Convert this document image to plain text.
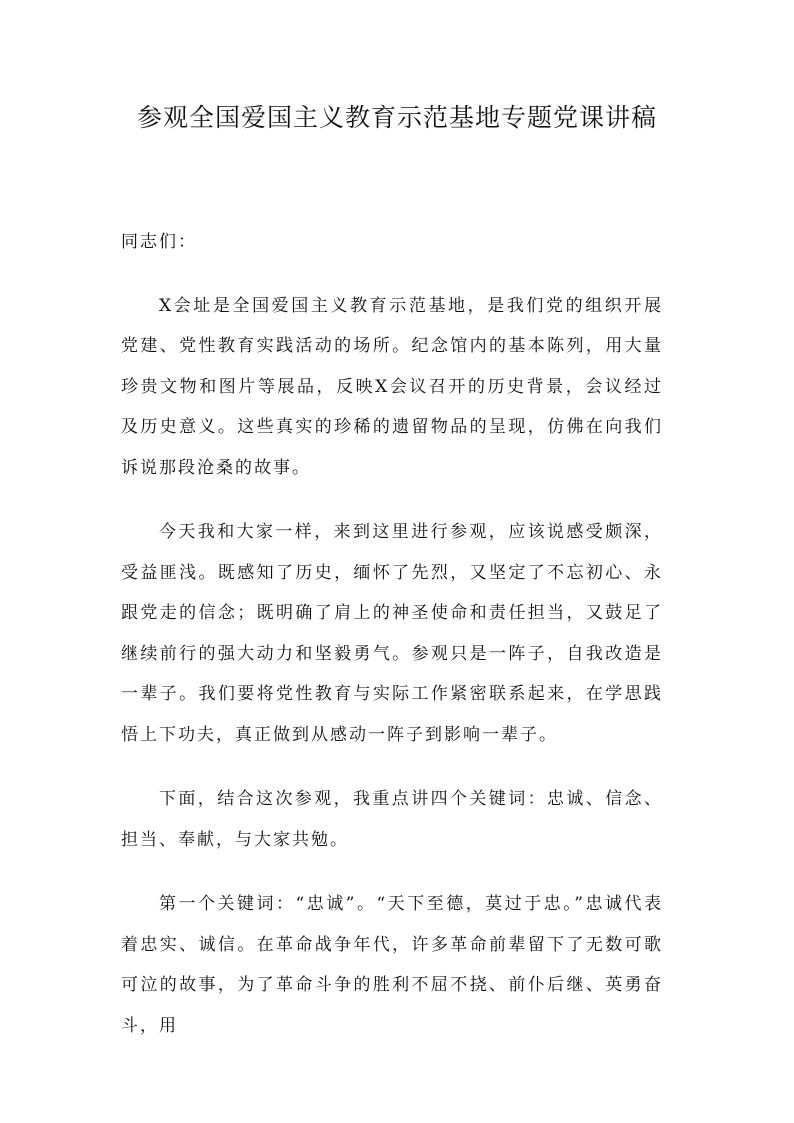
参观全国爱国主义教育示范基地专题党课讲稿

同志们：

X会址是全国爱国主义教育示范基地，是我们党的组织开展党建、党性教育实践活动的场所。纪念馆内的基本陈列，用大量珍贵文物和图片等展品，反映X会议召开的历史背景，会议经过及历史意义。这些真实的珍稀的遗留物品的呈现，仿佛在向我们诉说那段沧桑的故事。

今天我和大家一样，来到这里进行参观，应该说感受颇深，受益匪浅。既感知了历史，缅怀了先烈，又坚定了不忘初心、永跟党走的信念；既明确了肩上的神圣使命和责任担当，又鼓足了继续前行的强大动力和坚毅勇气。参观只是一阵子，自我改造是一辈子。我们要将党性教育与实际工作紧密联系起来，在学思践悟上下功夫，真正做到从感动一阵子到影响一辈子。

下面，结合这次参观，我重点讲四个关键词：忠诚、信念、担当、奉献，与大家共勉。

第一个关键词：“忠诚”。“天下至德，莫过于忠。”忠诚代表着忠实、诚信。在革命战争年代，许多革命前辈留下了无数可歌可泣的故事，为了革命斗争的胜利不屈不挠、前仆后继、英勇奋斗，用
